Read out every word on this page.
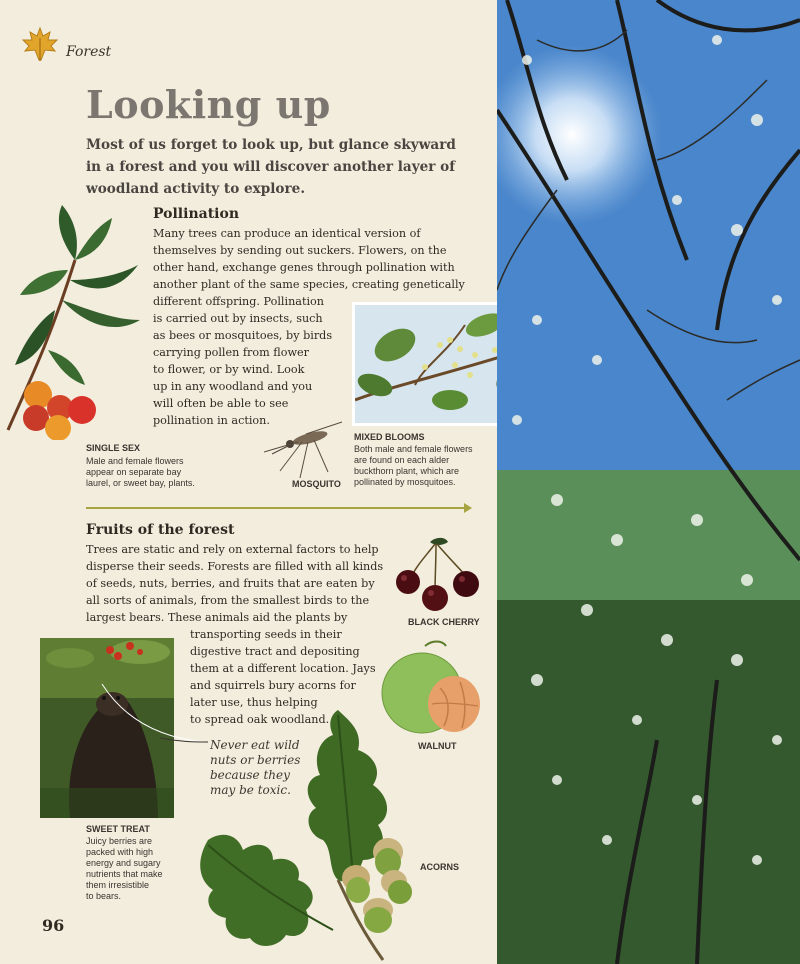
Forest
Looking up
Most of us forget to look up, but glance skyward in a forest and you will discover another layer of woodland activity to explore.
Pollination
Many trees can produce an identical version of
themselves by sending out suckers. Flowers, on the
other hand, exchange genes through pollination with
another plant of the same species, creating genetically
different offspring. Pollination
is carried out by insects, such
as bees or mosquitoes, by birds
carrying pollen from flower
to flower, or by wind. Look
up in any woodland and you
will often be able to see
pollination in action.
SINGLE SEX
Male and female flowers
appear on separate bay
laurel, or sweet bay, plants.	MOSQUITO
MIXED BLOOMS
Both male and female flowers
are found on each alder
buckthorn plant, which are
pollinated by mosquitoes.
Fruits of the forest
Trees are static and rely on external factors to help
disperse their seeds. Forests are filled with all kinds
of seeds, nuts, berries, and fruits that are eaten by
all sorts of animals, from the smallest birds to the
largest bears. These animals aid the plants by
transporting seeds in their
digestive tract and depositing
them at a different location. Jays
and squirrels bury acorns for
later use, thus helping
to spread oak woodland.
BLACK CHERRY
WALNUT
Never eat wild
nuts or berries
because they
may be toxic.
SWEET TREAT
Juicy berries are
packed with high
energy and sugary
nutrients that make
them irresistible
to bears.
ACORNS
96
